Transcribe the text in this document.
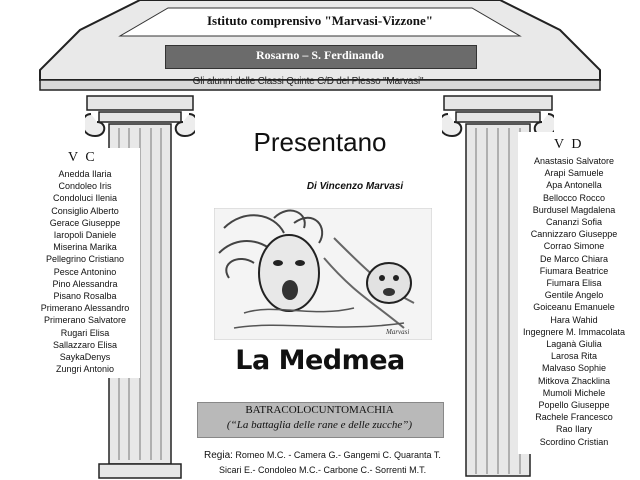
Istituto comprensivo "Marvasi-Vizzone"
Rosarno – S. Ferdinando
Gli alunni delle Classi Quinte C/D del Plesso "Marvasi"
V C
Anedda Ilaria
Condoleo Iris
Condoluci Ilenia
Consiglio Alberto
Gerace Giuseppe
Iaropoli Daniele
Miserina Marika
Pellegrino Cristiano
Pesce Antonino
Pino Alessandra
Pisano Rosalba
Primerano Alessandro
Primerano Salvatore
Rugari Elisa
Sallazzaro Elisa
SaykaDenys
Zungri Antonio
V D
Anastasio Salvatore
Arapi Samuele
Apa Antonella
Bellocco Rocco
Burdusel Magdalena
Cananzi Sofia
Cannizzaro Giuseppe
Corrao Simone
De Marco Chiara
Fiumara Beatrice
Fiumara Elisa
Gentile Angelo
Goiceanu Emanuele
Hara Wahid
Ingegnere M. Immacolata
Laganà Giulia
Larosa Rita
Malvaso Sophie
Mitkova Zhacklina
Mumoli Michele
Popello Giuseppe
Rachele Francesco
Rao Ilary
Scordino Cristian
Presentano
Di Vincenzo Marvasi
Marvasi
La Medmea
BATRACOLOCUNTOMACHIA
(“La battaglia delle rane e delle zucche”)
Regia: Romeo M.C. - Camera G.- Gangemi C. Quaranta T.
Sicari E.- Condoleo M.C.- Carbone C.- Sorrenti M.T.
